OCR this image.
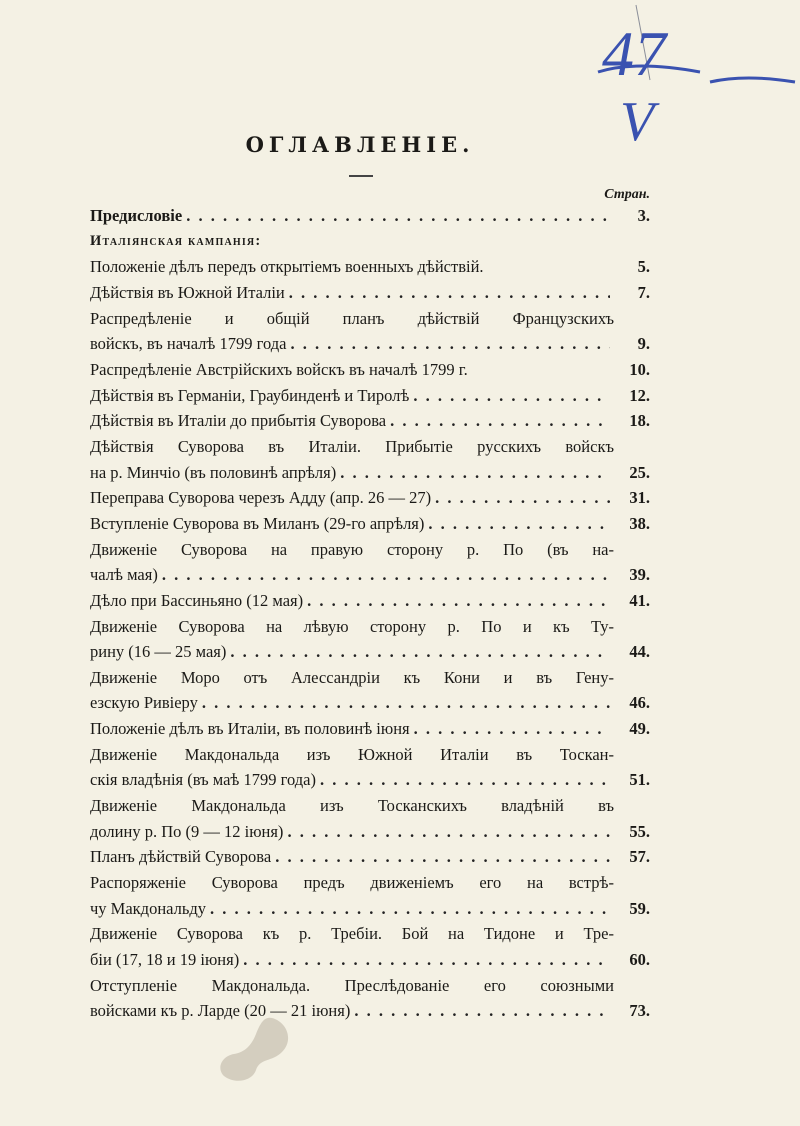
47
V
ОГЛАВЛЕНІЕ.
Стран.
Предисловіе . . .	3.
Италіянская кампанія:
Положеніе дѣлъ передъ открытіемъ военныхъ дѣйствій.	5.
Дѣйствія въ Южной Италіи . . .	7.
Распредѣленіе и общій планъ дѣйствій Французскихъ
войскъ, въ началѣ 1799 года . . .	9.
Распредѣленіе Австрійскихъ войскъ въ началѣ 1799 г.	10.
Дѣйствія въ Германіи, Граубинденѣ и Тиролѣ . . .	12.
Дѣйствія въ Италіи до прибытія Суворова . . .	18.
Дѣйствія Суворова въ Италіи. Прибытіе русскихъ войскъ
на р. Минчіо (въ половинѣ апрѣля) . . .	25.
Переправа Суворова черезъ Адду (апр. 26 — 27) . . .	31.
Вступленіе Суворова въ Миланъ (29-го апрѣля) . . .	38.
Движеніе Суворова на правую сторону р. По (въ на-
чалѣ мая) . . .	39.
Дѣло при Бассиньяно (12 мая) . . .	41.
Движеніе Суворова на лѣвую сторону р. По и къ Ту-
рину (16 — 25 мая) . . .	44.
Движеніе Моро отъ Алессандріи къ Кони и въ Гену-
езскую Ривіеру . . .	46.
Положеніе дѣлъ въ Италіи, въ половинѣ іюня . . .	49.
Движеніе Макдональда изъ Южной Италіи въ Тоскан-
скія владѣнія (въ маѣ 1799 года) . . .	51.
Движеніе Макдональда изъ Тосканскихъ владѣній въ
долину р. По (9 — 12 іюня) . . .	55.
Планъ дѣйствій Суворова . . .	57.
Распоряженіе Суворова предъ движеніемъ его на встрѣ-
чу Макдональду . . .	59.
Движеніе Суворова къ р. Требіи. Бой на Тидоне и Тре-
біи (17, 18 и 19 іюня) . . .	60.
Отступленіе Макдональда. Преслѣдованіе его союзными
войсками къ р. Ларде (20 — 21 іюня) . . .	73.
